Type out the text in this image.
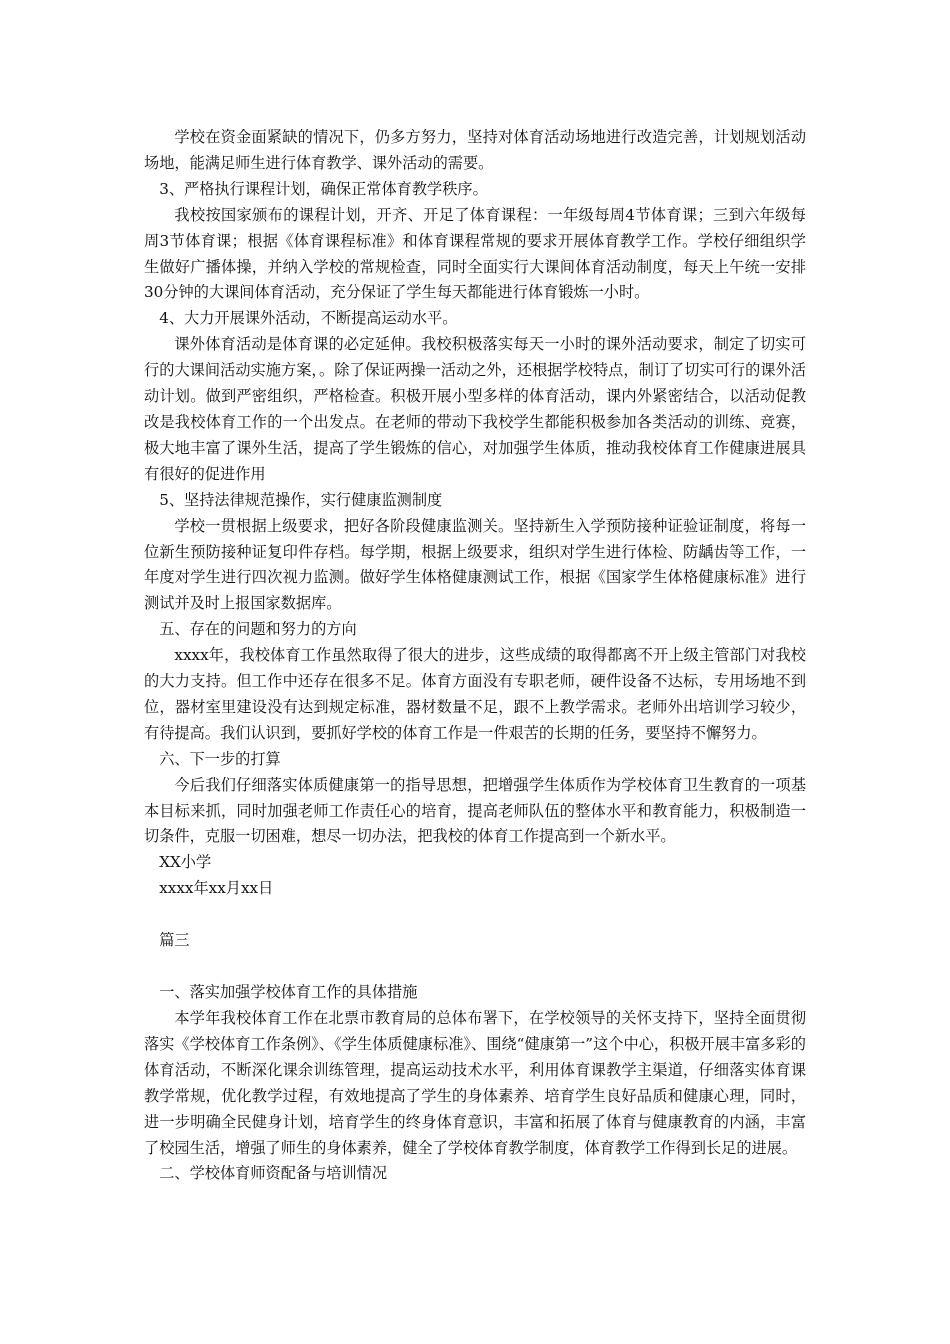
学校在资金面紧缺的情况下，仍多方努力，坚持对体育活动场地进行改造完善，计划规划活动场地，能满足师生进行体育教学、课外活动的需要。

3、严格执行课程计划，确保正常体育教学秩序。

我校按国家颁布的课程计划，开齐、开足了体育课程：一年级每周4节体育课；三到六年级每周3节体育课；根据《体育课程标准》和体育课程常规的要求开展体育教学工作。学校仔细组织学生做好广播体操，并纳入学校的常规检查，同时全面实行大课间体育活动制度，每天上午统一安排30分钟的大课间体育活动，充分保证了学生每天都能进行体育锻炼一小时。

4、大力开展课外活动，不断提高运动水平。

课外体育活动是体育课的必定延伸。我校积极落实每天一小时的课外活动要求，制定了切实可行的大课间活动实施方案，。除了保证两操一活动之外，还根据学校特点，制订了切实可行的课外活动计划。做到严密组织，严格检查。积极开展小型多样的体育活动，课内外紧密结合，以活动促教改是我校体育工作的一个出发点。在老师的带动下我校学生都能积极参加各类活动的训练、竞赛，极大地丰富了课外生活，提高了学生锻炼的信心，对加强学生体质，推动我校体育工作健康进展具有很好的促进作用

5、坚持法律规范操作，实行健康监测制度

学校一贯根据上级要求，把好各阶段健康监测关。坚持新生入学预防接种证验证制度，将每一位新生预防接种证复印件存档。每学期，根据上级要求，组织对学生进行体检、防龋齿等工作，一年度对学生进行四次视力监测。做好学生体格健康测试工作，根据《国家学生体格健康标准》进行测试并及时上报国家数据库。

五、存在的问题和努力的方向

xxxx年，我校体育工作虽然取得了很大的进步，这些成绩的取得都离不开上级主管部门对我校的大力支持。但工作中还存在很多不足。体育方面没有专职老师，硬件设备不达标，专用场地不到位，器材室里建设没有达到规定标准，器材数量不足，跟不上教学需求。老师外出培训学习较少，有待提高。我们认识到，要抓好学校的体育工作是一件艰苦的长期的任务，要坚持不懈努力。

六、下一步的打算

今后我们仔细落实体质健康第一的指导思想，把增强学生体质作为学校体育卫生教育的一项基本目标来抓，同时加强老师工作责任心的培育，提高老师队伍的整体水平和教育能力，积极制造一切条件，克服一切困难，想尽一切办法，把我校的体育工作提高到一个新水平。

XX小学

xxxx年xx月xx日

篇三

一、落实加强学校体育工作的具体措施

本学年我校体育工作在北票市教育局的总体布署下，在学校领导的关怀支持下，坚持全面贯彻落实《学校体育工作条例》、《学生体质健康标准》、围绕“健康第一”这个中心，积极开展丰富多彩的体育活动，不断深化课余训练管理，提高运动技术水平，利用体育课教学主渠道，仔细落实体育课教学常规，优化教学过程，有效地提高了学生的身体素养、培育学生良好品质和健康心理，同时，进一步明确全民健身计划，培育学生的终身体育意识，丰富和拓展了体育与健康教育的内涵，丰富了校园生活，增强了师生的身体素养，健全了学校体育教学制度，体育教学工作得到长足的进展。

二、学校体育师资配备与培训情况
